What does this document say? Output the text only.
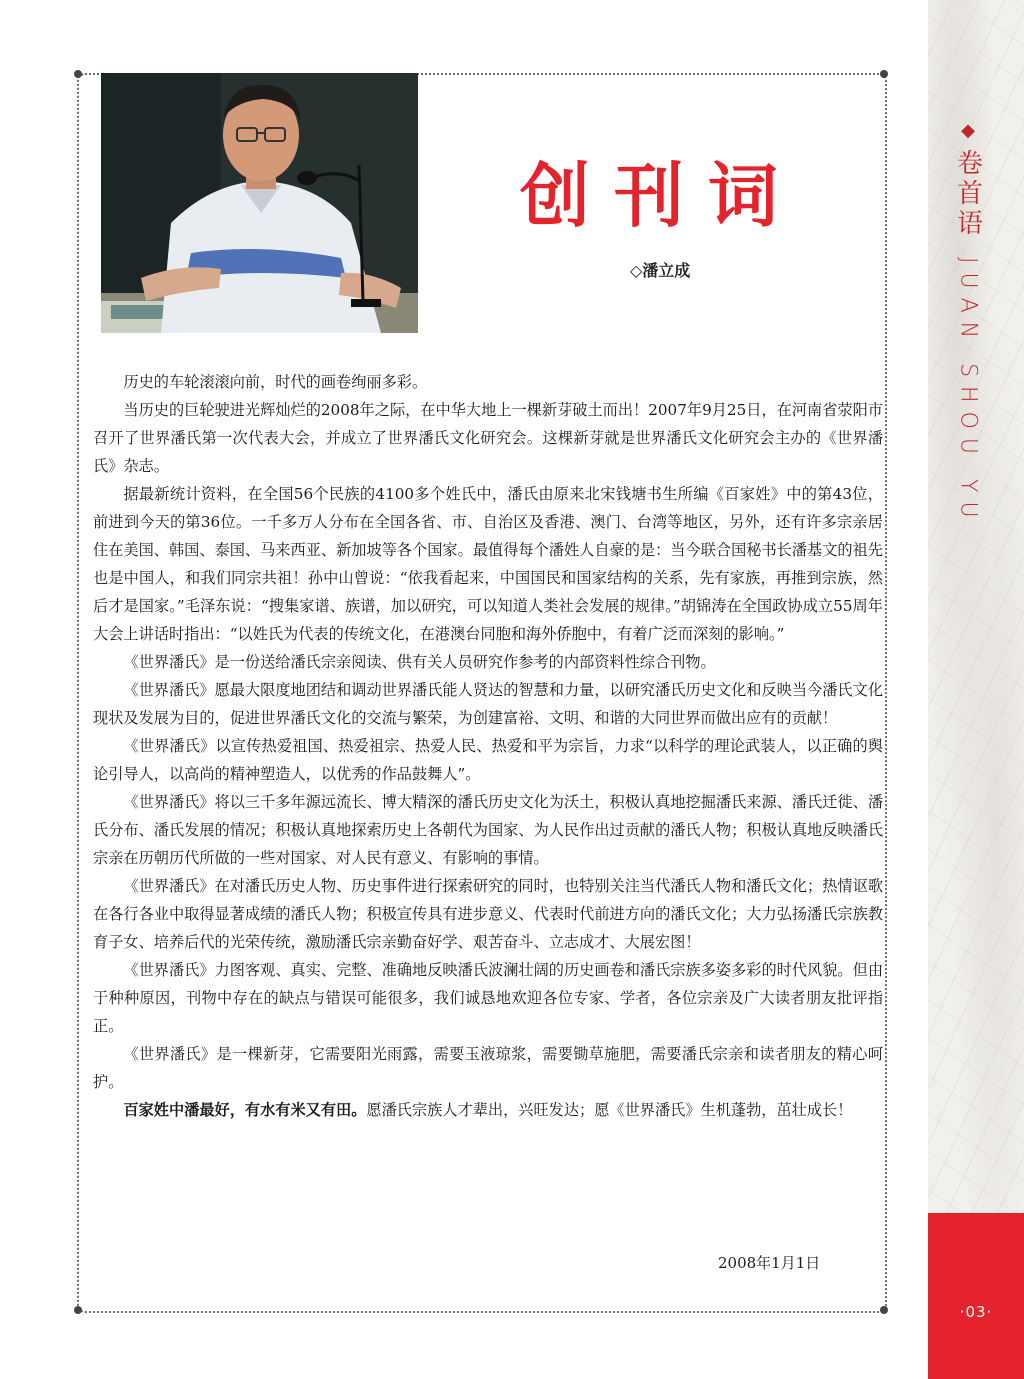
◆
卷首语
JUAN SHOU YU
·03·
创刊词
◇潘立成

历史的车轮滚滚向前，时代的画卷绚丽多彩。

当历史的巨轮驶进光辉灿烂的2008年之际，在中华大地上一棵新芽破土而出！2007年9月25日，在河南省荥阳市召开了世界潘氏第一次代表大会，并成立了世界潘氏文化研究会。这棵新芽就是世界潘氏文化研究会主办的《世界潘氏》杂志。

据最新统计资料，在全国56个民族的4100多个姓氏中，潘氏由原来北宋钱塘书生所编《百家姓》中的第43位，前进到今天的第36位。一千多万人分布在全国各省、市、自治区及香港、澳门、台湾等地区，另外，还有许多宗亲居住在美国、韩国、泰国、马来西亚、新加坡等各个国家。最值得每个潘姓人自豪的是：当今联合国秘书长潘基文的祖先也是中国人，和我们同宗共祖！孙中山曾说：“依我看起来，中国国民和国家结构的关系，先有家族，再推到宗族，然后才是国家。”毛泽东说：“搜集家谱、族谱，加以研究，可以知道人类社会发展的规律。”胡锦涛在全国政协成立55周年大会上讲话时指出：“以姓氏为代表的传统文化，在港澳台同胞和海外侨胞中，有着广泛而深刻的影响。”

《世界潘氏》是一份送给潘氏宗亲阅读、供有关人员研究作参考的内部资料性综合刊物。

《世界潘氏》愿最大限度地团结和调动世界潘氏能人贤达的智慧和力量，以研究潘氏历史文化和反映当今潘氏文化现状及发展为目的，促进世界潘氏文化的交流与繁荣，为创建富裕、文明、和谐的大同世界而做出应有的贡献！

《世界潘氏》以宣传热爱祖国、热爱祖宗、热爱人民、热爱和平为宗旨，力求“以科学的理论武装人，以正确的舆论引导人，以高尚的精神塑造人，以优秀的作品鼓舞人”。

《世界潘氏》将以三千多年源远流长、博大精深的潘氏历史文化为沃土，积极认真地挖掘潘氏来源、潘氏迁徙、潘氏分布、潘氏发展的情况；积极认真地探索历史上各朝代为国家、为人民作出过贡献的潘氏人物；积极认真地反映潘氏宗亲在历朝历代所做的一些对国家、对人民有意义、有影响的事情。

《世界潘氏》在对潘氏历史人物、历史事件进行探索研究的同时，也特别关注当代潘氏人物和潘氏文化；热情讴歌在各行各业中取得显著成绩的潘氏人物；积极宣传具有进步意义、代表时代前进方向的潘氏文化；大力弘扬潘氏宗族教育子女、培养后代的光荣传统，激励潘氏宗亲勤奋好学、艰苦奋斗、立志成才、大展宏图！

《世界潘氏》力图客观、真实、完整、准确地反映潘氏波澜壮阔的历史画卷和潘氏宗族多姿多彩的时代风貌。但由于种种原因，刊物中存在的缺点与错误可能很多，我们诚恳地欢迎各位专家、学者，各位宗亲及广大读者朋友批评指正。

《世界潘氏》是一棵新芽，它需要阳光雨露，需要玉液琼浆，需要锄草施肥，需要潘氏宗亲和读者朋友的精心呵护。

百家姓中潘最好，有水有米又有田。愿潘氏宗族人才辈出，兴旺发达；愿《世界潘氏》生机蓬勃，茁壮成长！

2008年1月1日
